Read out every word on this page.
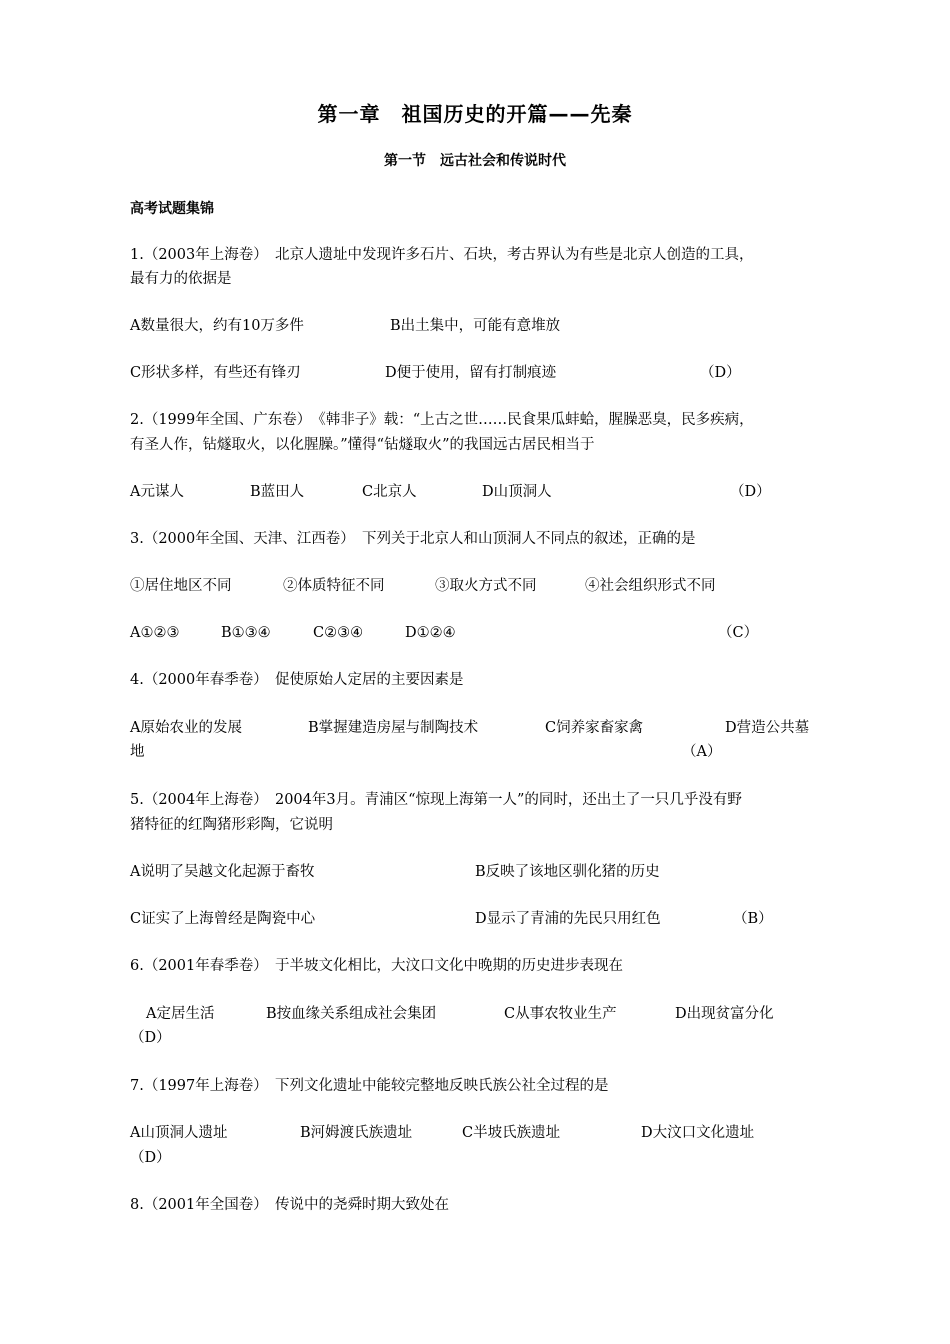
第一章　祖国历史的开篇——先秦
第一节　远古社会和传说时代
高考试题集锦
1.（2003年上海卷）　北京人遗址中发现许多石片、石块，考古界认为有些是北京人创造的工具，
最有力的依据是
A数量很大，约有10万多件	B出土集中，可能有意堆放
C形状多样，有些还有锋刃	D便于使用，留有打制痕迹	（D）
2.（1999年全国、广东卷）　《韩非子》载：“上古之世……民食果瓜蚌蛤，腥臊恶臭，民多疾病，
有圣人作，钻燧取火，以化腥臊。”懂得“钻燧取火”的我国远古居民相当于
A元谋人	B蓝田人	C北京人	D山顶洞人	（D）
3.（2000年全国、天津、江西卷）　下列关于北京人和山顶洞人不同点的叙述，正确的是
①居住地区不同	②体质特征不同	③取火方式不同	④社会组织形式不同
A①②③	B①③④	C②③④	D①②④	（C）
4.（2000年春季卷）　促使原始人定居的主要因素是
A原始农业的发展	B掌握建造房屋与制陶技术	C饲养家畜家禽	D营造公共墓
地	（A）
5.（2004年上海卷）　2004年3月。青浦区“惊现上海第一人”的同时，还出土了一只几乎没有野
猪特征的红陶猪形彩陶，它说明
A说明了吴越文化起源于畜牧	B反映了该地区驯化猪的历史
C证实了上海曾经是陶瓷中心	D显示了青浦的先民只用红色	（B）
6.（2001年春季卷）　于半坡文化相比，大汶口文化中晚期的历史进步表现在
A定居生活	B按血缘关系组成社会集团	C从事农牧业生产	D出现贫富分化
（D）
7.（1997年上海卷）　下列文化遗址中能较完整地反映氏族公社全过程的是
A山顶洞人遗址	B河姆渡氏族遗址	C半坡氏族遗址	D大汶口文化遗址
（D）
8.（2001年全国卷）　传说中的尧舜时期大致处在
